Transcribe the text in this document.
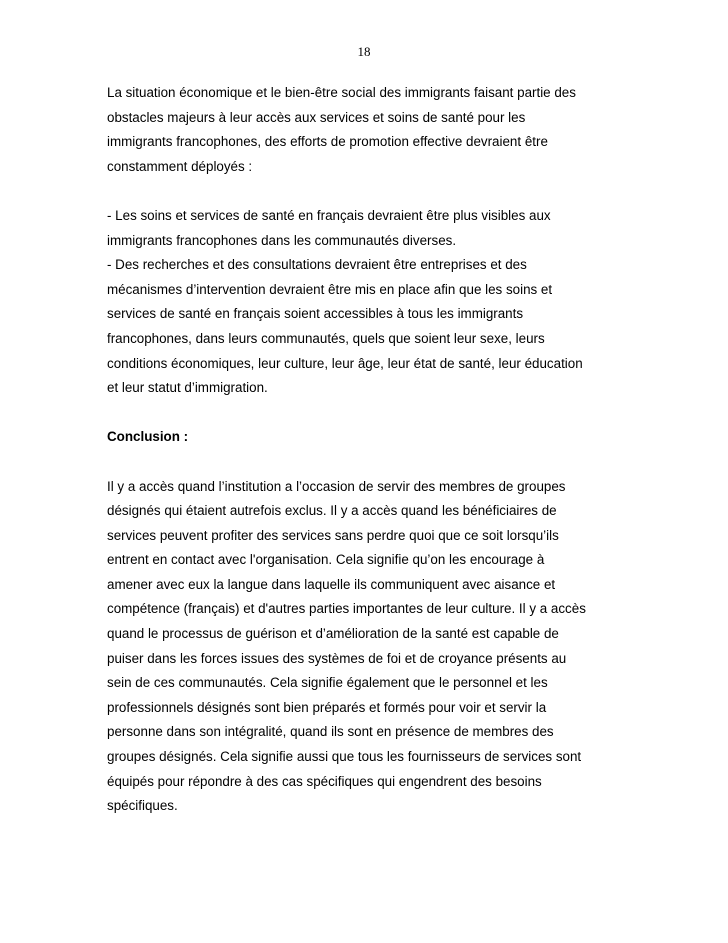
18
La situation économique et le bien-être social des immigrants faisant partie des
obstacles majeurs à leur accès aux services et soins de santé pour les
immigrants francophones, des efforts de promotion effective devraient être
constamment déployés :
- Les soins et services de santé en français devraient être plus visibles aux
immigrants francophones dans les communautés diverses.
- Des recherches et des consultations devraient être entreprises et des
mécanismes d’intervention devraient être mis en place afin que les soins et
services de santé en français soient accessibles à tous les immigrants
francophones, dans leurs communautés, quels que soient leur sexe, leurs
conditions économiques, leur culture, leur âge, leur état de santé, leur éducation
et leur statut d’immigration.
Conclusion :
Il y a accès quand l’institution a l’occasion de servir des membres de groupes
désignés qui étaient autrefois exclus. Il y a accès quand les bénéficiaires de
services peuvent profiter des services sans perdre quoi que ce soit lorsqu’ils
entrent en contact avec l'organisation. Cela signifie qu’on les encourage à
amener avec eux la langue dans laquelle ils communiquent avec aisance et
compétence (français) et d'autres parties importantes de leur culture. Il y a accès
quand le processus de guérison et d’amélioration de la santé est capable de
puiser dans les forces issues des systèmes de foi et de croyance présents au
sein de ces communautés. Cela signifie également que le personnel et les
professionnels désignés sont bien préparés et formés pour voir et servir la
personne dans son intégralité, quand ils sont en présence de membres des
groupes désignés. Cela signifie aussi que tous les fournisseurs de services sont
équipés pour répondre à des cas spécifiques qui engendrent des besoins
spécifiques.
